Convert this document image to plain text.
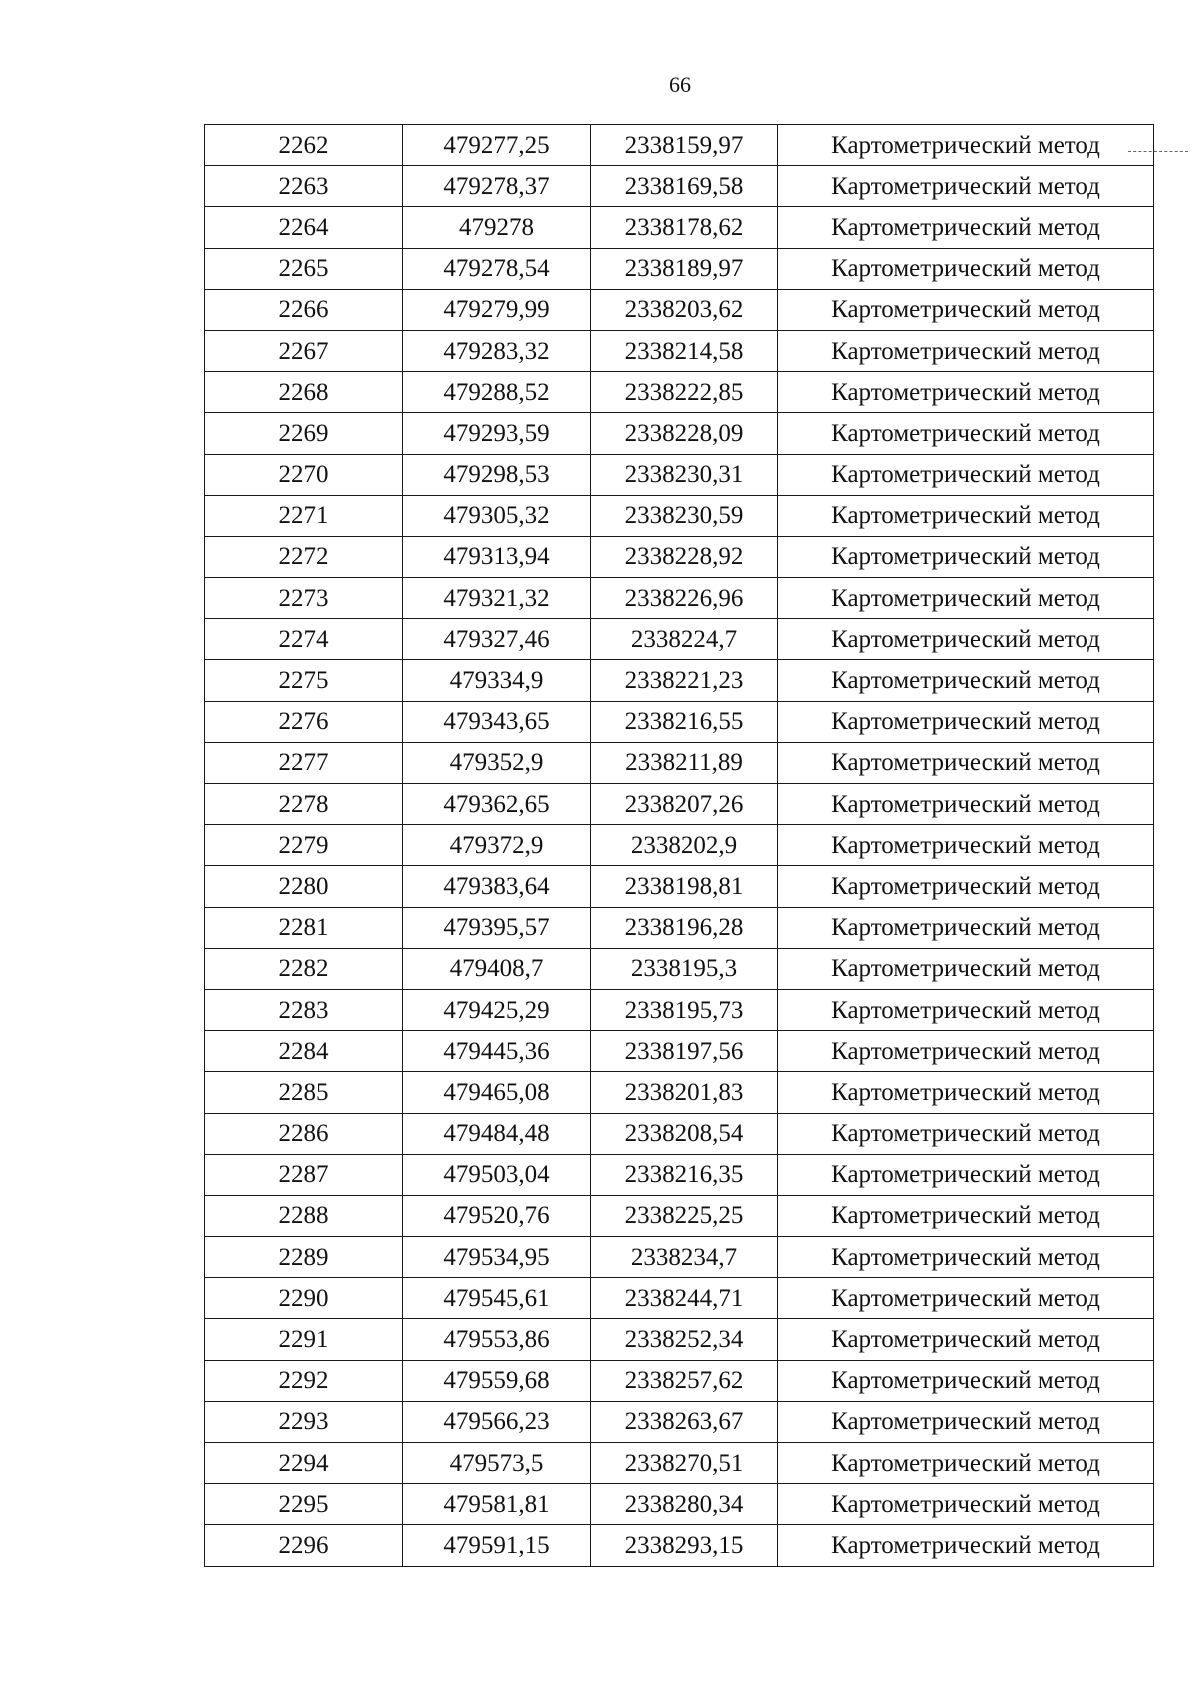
66
2262	479277,25	2338159,97	Картометрический метод
2263	479278,37	2338169,58	Картометрический метод
2264	479278	2338178,62	Картометрический метод
2265	479278,54	2338189,97	Картометрический метод
2266	479279,99	2338203,62	Картометрический метод
2267	479283,32	2338214,58	Картометрический метод
2268	479288,52	2338222,85	Картометрический метод
2269	479293,59	2338228,09	Картометрический метод
2270	479298,53	2338230,31	Картометрический метод
2271	479305,32	2338230,59	Картометрический метод
2272	479313,94	2338228,92	Картометрический метод
2273	479321,32	2338226,96	Картометрический метод
2274	479327,46	2338224,7	Картометрический метод
2275	479334,9	2338221,23	Картометрический метод
2276	479343,65	2338216,55	Картометрический метод
2277	479352,9	2338211,89	Картометрический метод
2278	479362,65	2338207,26	Картометрический метод
2279	479372,9	2338202,9	Картометрический метод
2280	479383,64	2338198,81	Картометрический метод
2281	479395,57	2338196,28	Картометрический метод
2282	479408,7	2338195,3	Картометрический метод
2283	479425,29	2338195,73	Картометрический метод
2284	479445,36	2338197,56	Картометрический метод
2285	479465,08	2338201,83	Картометрический метод
2286	479484,48	2338208,54	Картометрический метод
2287	479503,04	2338216,35	Картометрический метод
2288	479520,76	2338225,25	Картометрический метод
2289	479534,95	2338234,7	Картометрический метод
2290	479545,61	2338244,71	Картометрический метод
2291	479553,86	2338252,34	Картометрический метод
2292	479559,68	2338257,62	Картометрический метод
2293	479566,23	2338263,67	Картометрический метод
2294	479573,5	2338270,51	Картометрический метод
2295	479581,81	2338280,34	Картометрический метод
2296	479591,15	2338293,15	Картометрический метод
